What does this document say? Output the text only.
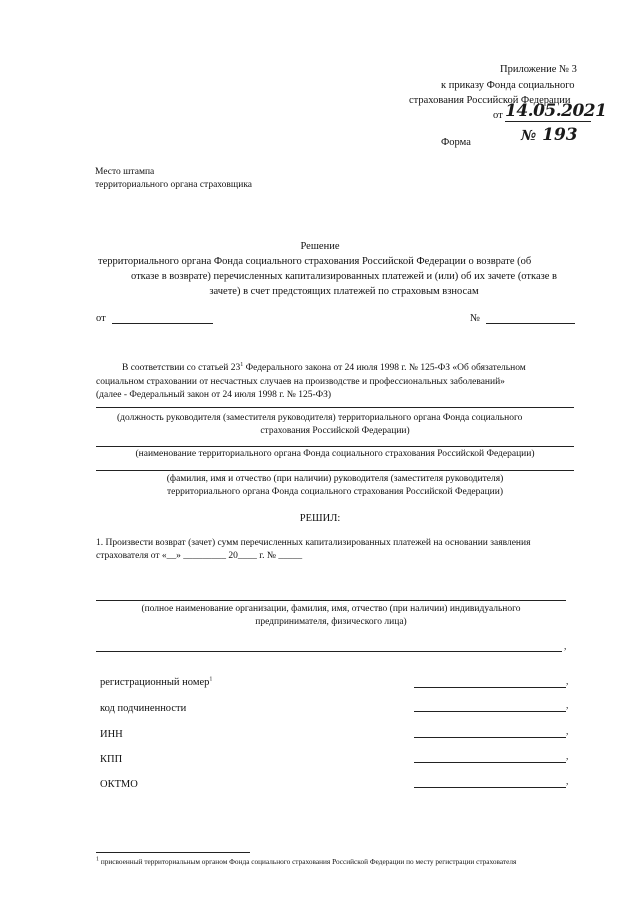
Приложение № 3
к приказу Фонда социального
страхования Российской Федерации
от 14.05.2021
№ 193
Форма
Место штампа
территориального органа страховщика
Решение
территориального органа Фонда социального страхования Российской Федерации о возврате (об
отказе в возврате) перечисленных капитализированных платежей и (или) об их зачете (отказе в
зачете) в счет предстоящих платежей по страховым взносам
от	№
В соответствии со статьей $23^1$ Федерального закона от 24 июля 1998 г. № 125-ФЗ «Об обязательном
социальном страховании от несчастных случаев на производстве и профессиональных заболеваний»
(далее - Федеральный закон от 24 июля 1998 г. № 125-ФЗ)
(должность руководителя (заместителя руководителя) территориального органа Фонда социального
страхования Российской Федерации)
(наименование территориального органа Фонда социального страхования Российской Федерации)
(фамилия, имя и отчество (при наличии) руководителя (заместителя руководителя)
территориального органа Фонда социального страхования Российской Федерации)
РЕШИЛ:
1. Произвести возврат (зачет) сумм перечисленных капитализированных платежей на основании заявления
страхователя от «__» _________ 20____ г. № _____
(полное наименование организации, фамилия, имя, отчество (при наличии) индивидуального
предпринимателя, физического лица)
,
регистрационный номер$^1$	,
код подчиненности	,
ИНН	,
КПП	,
ОКТМО	,
$^1$ присвоенный территориальным органом Фонда социального страхования Российской Федерации по месту регистрации страхователя
